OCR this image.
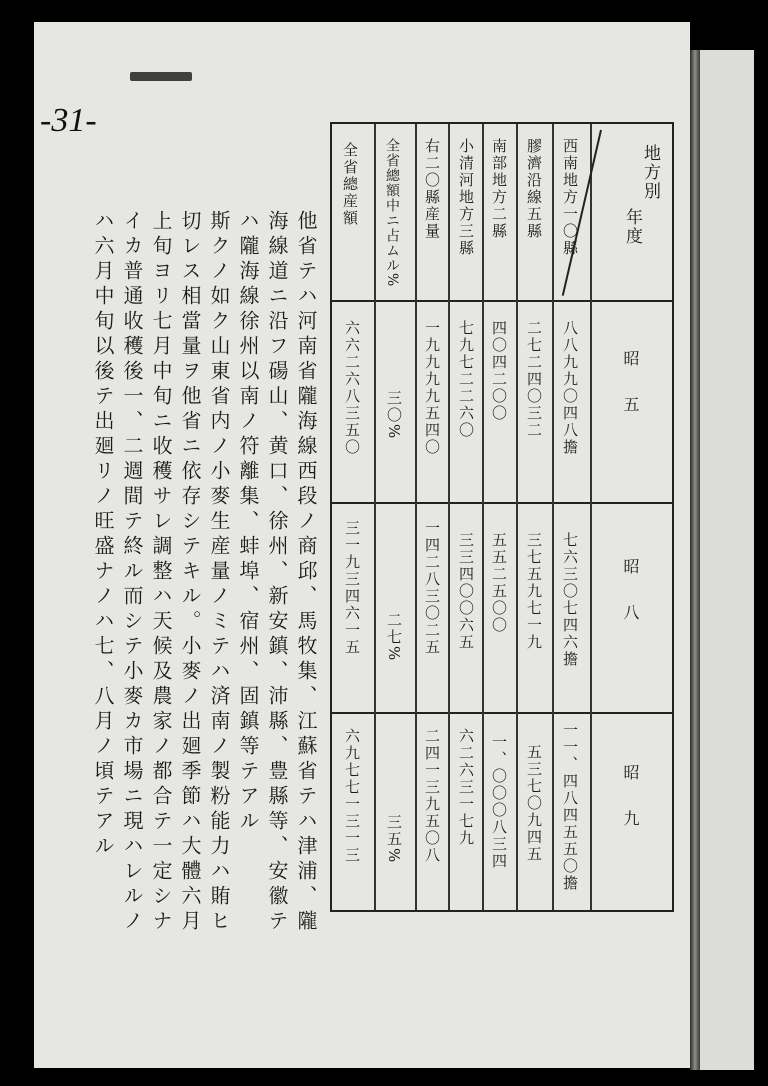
-31-

地方別

年度

昭五

昭八

昭九

西南地方一〇縣

膠濟沿線五縣

南部地方二縣

小清河地方三縣

右二〇縣産量

全省總額中ニ占ムル%

全省總産額

八八九九〇四八擔

二七二四〇三二

四〇四二〇〇

七九七二二六〇

一九九九九五四〇

三〇%

六六二六八三五〇

七六三〇七四六擔

三七五九七一九

五五二五〇〇

三三四〇〇六五

一四二八三〇二五

二七%

三一九三四六一五

一一、四八四五五〇擔

五三七〇九四五

一、〇〇〇八三四

六二六三一七九

二四一三九五〇八

三五%

六九七七一三一三

他省テハ河南省隴海線西段ノ商邱、馬牧集、江蘇省テハ津浦、隴
海線道ニ沿フ碭山、黄口、徐州、新安鎮、沛縣、豊縣等、安徽テ
ハ隴海線徐州以南ノ符離集、蚌埠、宿州、固鎮等テアル
斯クノ如ク山東省内ノ小麥生産量ノミテハ済南ノ製粉能力ハ賄ヒ
切レス相當量ヲ他省ニ依存シテキル。小麥ノ出廻季節ハ大體六月
上旬ヨリ七月中旬ニ收穫サレ調整ハ天候及農家ノ都合テ一定シナ
イカ普通收穫後一、二週間テ終ル而シテ小麥カ市場ニ現ハレルノ
ハ六月中旬以後テ出廻リノ旺盛ナノハ七、八月ノ頃テアル
